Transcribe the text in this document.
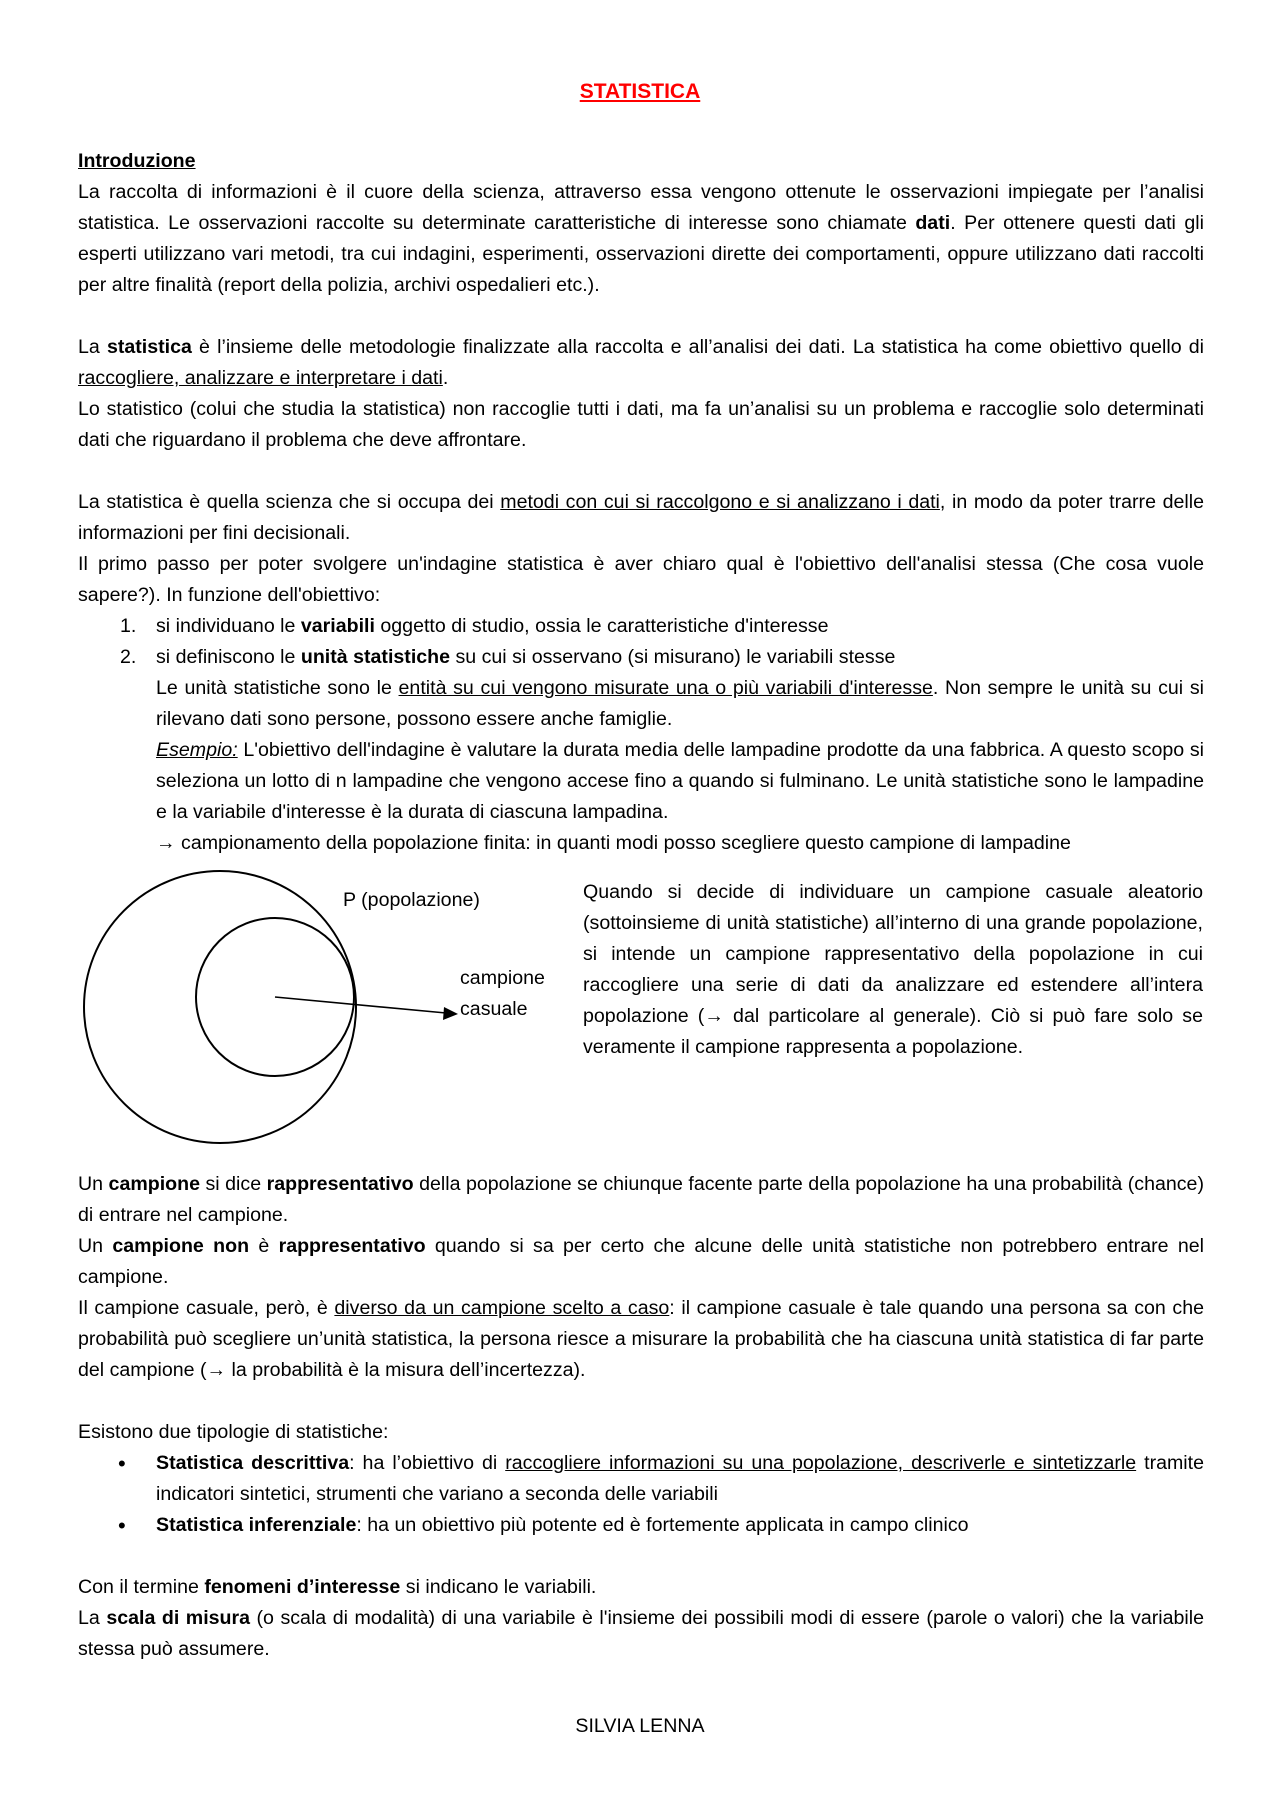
STATISTICA

Introduzione

La raccolta di informazioni è il cuore della scienza, attraverso essa vengono ottenute le osservazioni impiegate per l’analisi statistica. Le osservazioni raccolte su determinate caratteristiche di interesse sono chiamate dati. Per ottenere questi dati gli esperti utilizzano vari metodi, tra cui indagini, esperimenti, osservazioni dirette dei comportamenti, oppure utilizzano dati raccolti per altre finalità (report della polizia, archivi ospedalieri etc.).

La statistica è l’insieme delle metodologie finalizzate alla raccolta e all’analisi dei dati. La statistica ha come obiettivo quello di raccogliere, analizzare e interpretare i dati.

Lo statistico (colui che studia la statistica) non raccoglie tutti i dati, ma fa un’analisi su un problema e raccoglie solo determinati dati che riguardano il problema che deve affrontare.

La statistica è quella scienza che si occupa dei metodi con cui si raccolgono e si analizzano i dati, in modo da poter trarre delle informazioni per fini decisionali.

Il primo passo per poter svolgere un'indagine statistica è aver chiaro qual è l'obiettivo dell'analisi stessa (Che cosa vuole sapere?). In funzione dell'obiettivo:

1. si individuano le variabili oggetto di studio, ossia le caratteristiche d'interesse
2. si definiscono le unità statistiche su cui si osservano (si misurano) le variabili stesse

Le unità statistiche sono le entità su cui vengono misurate una o più variabili d'interesse. Non sempre le unità su cui si rilevano dati sono persone, possono essere anche famiglie.

Esempio: L'obiettivo dell'indagine è valutare la durata media delle lampadine prodotte da una fabbrica. A questo scopo si seleziona un lotto di n lampadine che vengono accese fino a quando si fulminano. Le unità statistiche sono le lampadine e la variabile d'interesse è la durata di ciascuna lampadina.

→ campionamento della popolazione finita: in quanti modi posso scegliere questo campione di lampadine

P (popolazione)
campione
casuale

Quando si decide di individuare un campione casuale aleatorio (sottoinsieme di unità statistiche) all’interno di una grande popolazione, si intende un campione rappresentativo della popolazione in cui raccogliere una serie di dati da analizzare ed estendere all’intera popolazione (→ dal particolare al generale). Ciò si può fare solo se veramente il campione rappresenta a popolazione.

Un campione si dice rappresentativo della popolazione se chiunque facente parte della popolazione ha una probabilità (chance) di entrare nel campione.

Un campione non è rappresentativo quando si sa per certo che alcune delle unità statistiche non potrebbero entrare nel campione.

Il campione casuale, però, è diverso da un campione scelto a caso: il campione casuale è tale quando una persona sa con che probabilità può scegliere un’unità statistica, la persona riesce a misurare la probabilità che ha ciascuna unità statistica di far parte del campione (→ la probabilità è la misura dell’incertezza).

Esistono due tipologie di statistiche:

• Statistica descrittiva: ha l’obiettivo di raccogliere informazioni su una popolazione, descriverle e sintetizzarle tramite indicatori sintetici, strumenti che variano a seconda delle variabili
• Statistica inferenziale: ha un obiettivo più potente ed è fortemente applicata in campo clinico

Con il termine fenomeni d’interesse si indicano le variabili.

La scala di misura (o scala di modalità) di una variabile è l'insieme dei possibili modi di essere (parole o valori) che la variabile stessa può assumere.

SILVIA LENNA
